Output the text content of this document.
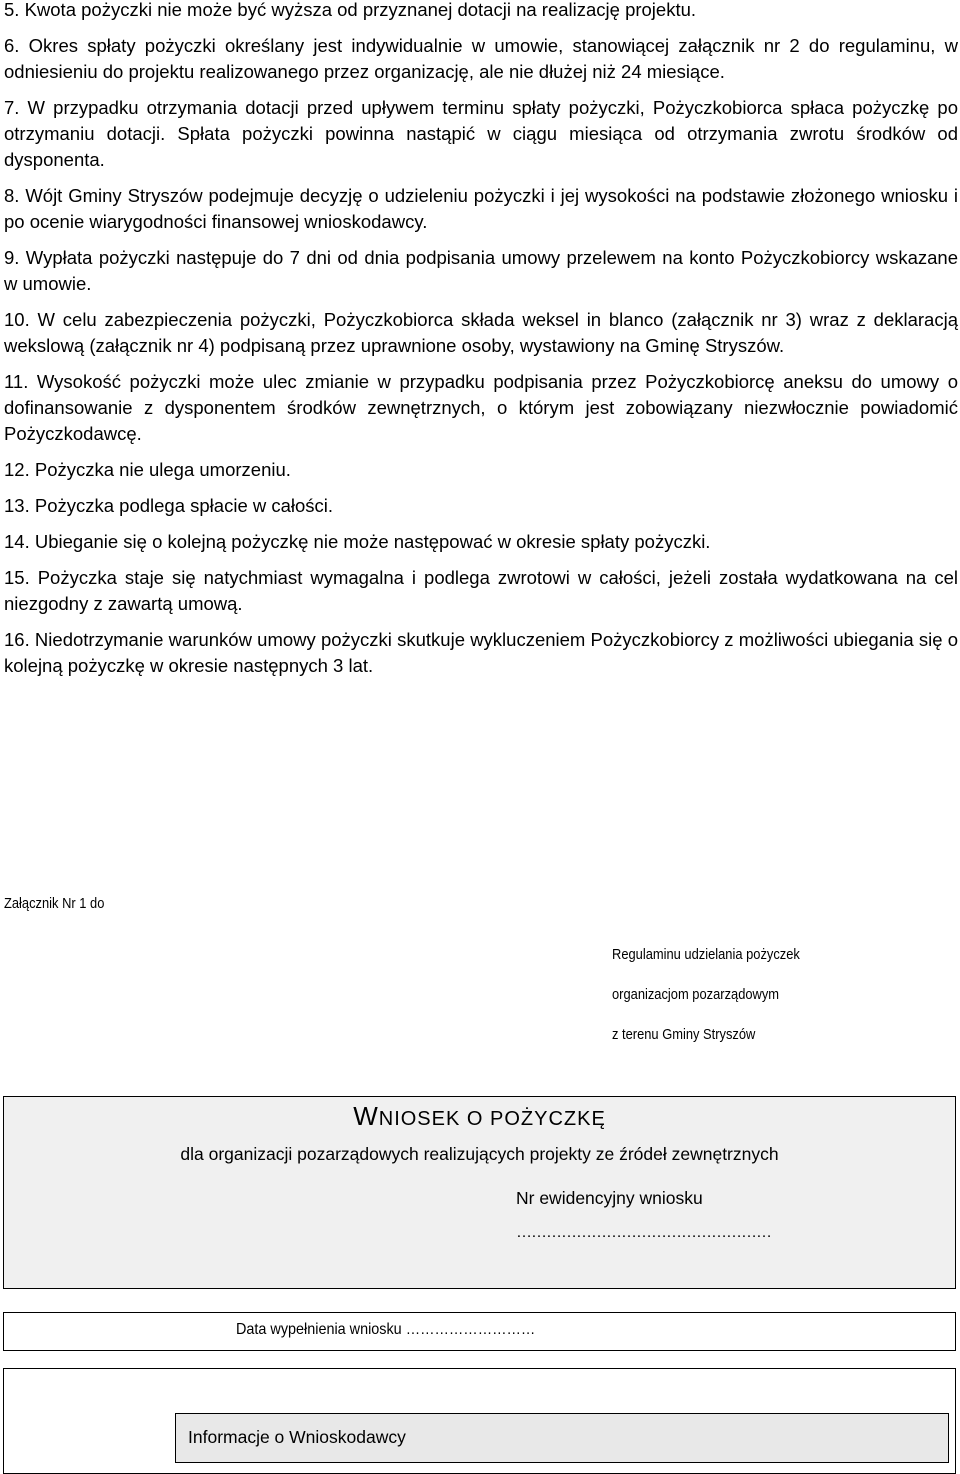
5. Kwota pożyczki nie może być wyższa od przyznanej dotacji na realizację projektu.

6. Okres spłaty pożyczki określany jest indywidualnie w umowie, stanowiącej załącznik nr 2 do regulaminu, w odniesieniu do projektu realizowanego przez organizację, ale nie dłużej niż 24 miesiące.

7. W przypadku otrzymania dotacji przed upływem terminu spłaty pożyczki, Pożyczkobiorca spłaca pożyczkę po otrzymaniu dotacji. Spłata pożyczki powinna nastąpić w ciągu miesiąca od otrzymania zwrotu środków od dysponenta.

8. Wójt Gminy Stryszów podejmuje decyzję o udzieleniu pożyczki i jej wysokości na podstawie złożonego wniosku i po ocenie wiarygodności finansowej wnioskodawcy.

9. Wypłata pożyczki następuje do 7 dni od dnia podpisania umowy przelewem na konto Pożyczkobiorcy wskazane w umowie.

10. W celu zabezpieczenia pożyczki, Pożyczkobiorca składa weksel in blanco (załącznik nr 3) wraz z deklaracją wekslową (załącznik nr 4) podpisaną przez uprawnione osoby, wystawiony na Gminę Stryszów.

11. Wysokość pożyczki może ulec zmianie w przypadku podpisania przez Pożyczkobiorcę aneksu do umowy o dofinansowanie z dysponentem środków zewnętrznych, o którym jest zobowiązany niezwłocznie powiadomić Pożyczkodawcę.

12. Pożyczka nie ulega umorzeniu.

13. Pożyczka podlega spłacie w całości.

14. Ubieganie się o kolejną pożyczkę nie może następować w okresie spłaty pożyczki.

15. Pożyczka staje się natychmiast wymagalna i podlega zwrotowi w całości, jeżeli została wydatkowana na cel niezgodny z zawartą umową.

16. Niedotrzymanie warunków umowy pożyczki skutkuje wykluczeniem Pożyczkobiorcy z możliwości ubiegania się o kolejną pożyczkę w okresie następnych 3 lat.

Załącznik Nr 1 do
Regulaminu udzielania pożyczek
organizacjom pozarządowym
z terenu Gminy Stryszów
WNIOSEK O POŻYCZKĘ
dla organizacji pozarządowych realizujących projekty ze źródeł zewnętrznych
Nr ewidencyjny wniosku
……………………………………………
Data wypełnienia wniosku ………………………
Informacje o Wnioskodawcy
